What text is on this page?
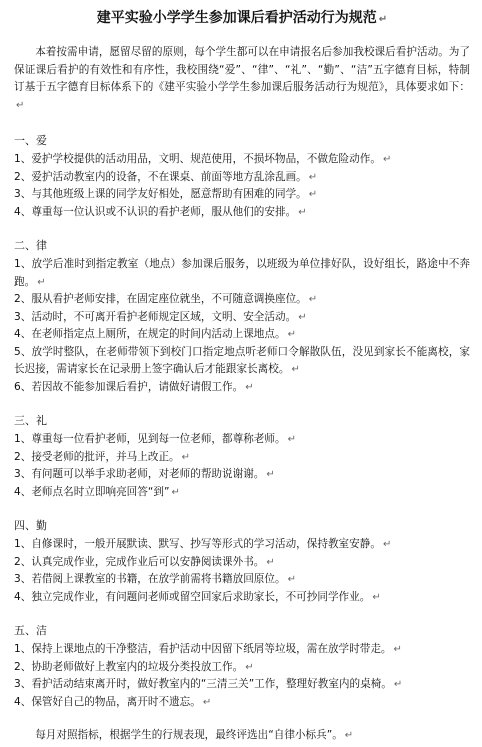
建平实验小学学生参加课后看护活动行为规范 ↵

本着按需申请，愿留尽留的原则，每个学生都可以在申请报名后参加我校课后看护活动。为了保证课后看护的有效性和有序性，我校围绕“爱”、“律”、“礼”、“勤”、“洁”五字德育目标，特制订基于五字德育目标体系下的《建平实验小学学生参加课后服务活动行为规范》，具体要求如下：↵

一、爱

1、爱护学校提供的活动用品，文明、规范使用，不损坏物品，不做危险动作。 ↵

2、爱护活动教室内的设备，不在课桌、前面等地方乱涂乱画。 ↵

3、与其他班级上课的同学友好相处，愿意帮助有困难的同学。 ↵

4、尊重每一位认识或不认识的看护老师，服从他们的安排。 ↵

二、律

1、放学后准时到指定教室（地点）参加课后服务，以班级为单位排好队，设好组长，路途中不奔跑。 ↵

2、服从看护老师安排，在固定座位就坐，不可随意调换座位。 ↵

3、活动时，不可离开看护老师规定区域，文明、安全活动。 ↵

4、在老师指定点上厕所，在规定的时间内活动上课地点。 ↵

5、放学时整队，在老师带领下到校门口指定地点听老师口令解散队伍，没见到家长不能离校，家长迟接，需请家长在记录册上签字确认后才能跟家长离校。 ↵

6、若因故不能参加课后看护，请做好请假工作。 ↵

三、礼

1、尊重每一位看护老师，见到每一位老师，都尊称老师。 ↵

2、接受老师的批评，并马上改正。 ↵

3、有问题可以举手求助老师，对老师的帮助说谢谢。 ↵

4、老师点名时立即响亮回答“到” ↵

四、勤

1、自修课时，一般开展默读、默写、抄写等形式的学习活动，保持教室安静。 ↵

2、认真完成作业，完成作业后可以安静阅读课外书。 ↵

3、若借阅上课教室的书籍，在放学前需将书籍放回原位。 ↵

4、独立完成作业，有问题问老师或留空回家后求助家长，不可抄同学作业。 ↵

五、洁

1、保持上课地点的干净整洁，看护活动中因留下纸屑等垃圾，需在放学时带走。 ↵

2、协助老师做好上教室内的垃圾分类投放工作。 ↵

3、看护活动结束离开时，做好教室内的“三清三关”工作，整理好教室内的桌椅。 ↵

4、保管好自己的物品，离开时不遗忘。 ↵

每月对照指标，根据学生的行规表现，最终评选出“自律小标兵”。 ↵
